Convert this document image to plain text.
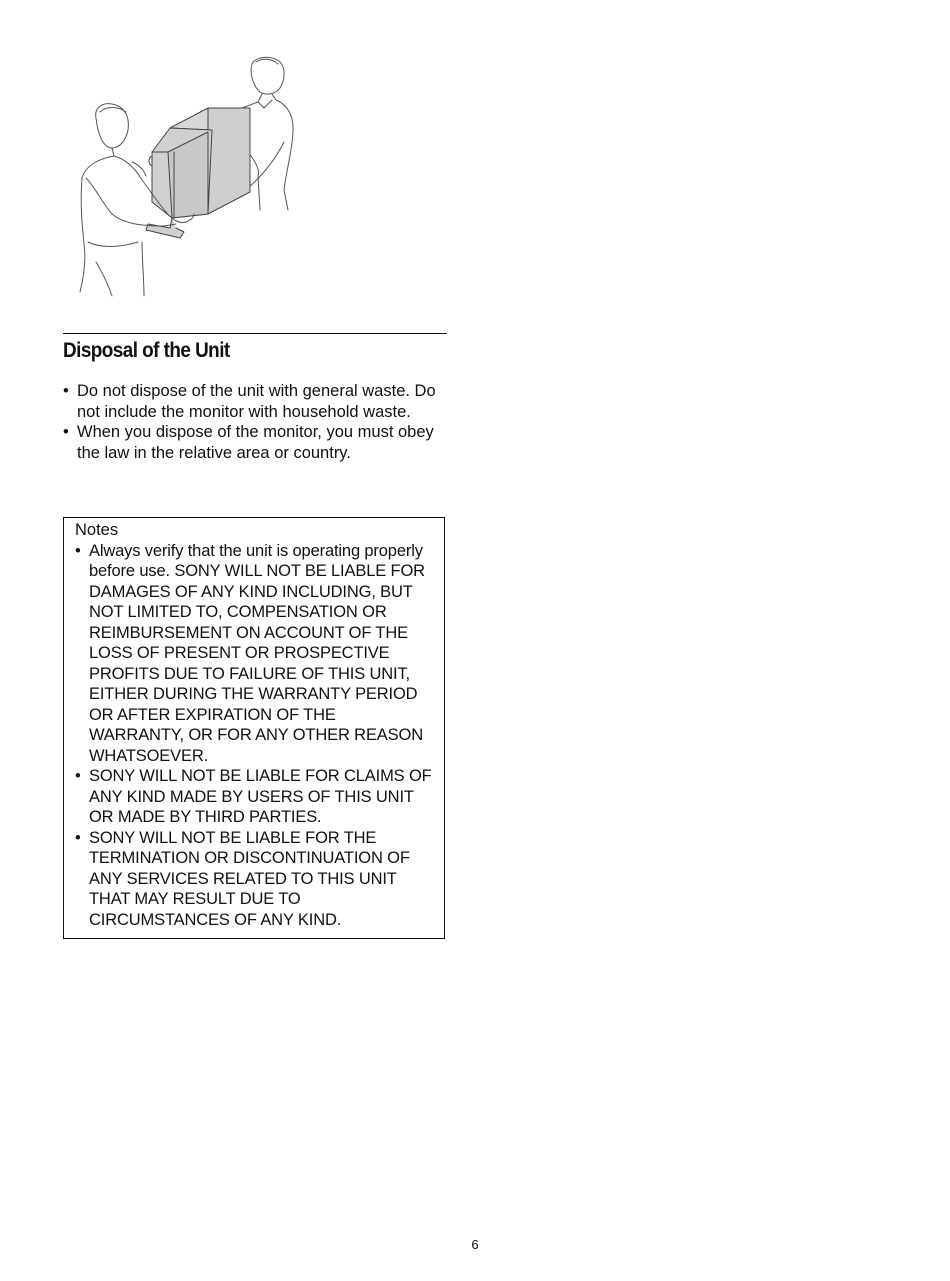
Disposal of the Unit
• Do not dispose of the unit with general waste. Do not include the monitor with household waste.
• When you dispose of the monitor, you must obey the law in the relative area or country.
Notes
• Always verify that the unit is operating properly before use. SONY WILL NOT BE LIABLE FOR DAMAGES OF ANY KIND INCLUDING, BUT NOT LIMITED TO, COMPENSATION OR REIMBURSEMENT ON ACCOUNT OF THE LOSS OF PRESENT OR PROSPECTIVE PROFITS DUE TO FAILURE OF THIS UNIT, EITHER DURING THE WARRANTY PERIOD OR AFTER EXPIRATION OF THE WARRANTY, OR FOR ANY OTHER REASON WHATSOEVER.
• SONY WILL NOT BE LIABLE FOR CLAIMS OF ANY KIND MADE BY USERS OF THIS UNIT OR MADE BY THIRD PARTIES.
• SONY WILL NOT BE LIABLE FOR THE TERMINATION OR DISCONTINUATION OF ANY SERVICES RELATED TO THIS UNIT THAT MAY RESULT DUE TO CIRCUMSTANCES OF ANY KIND.
6
